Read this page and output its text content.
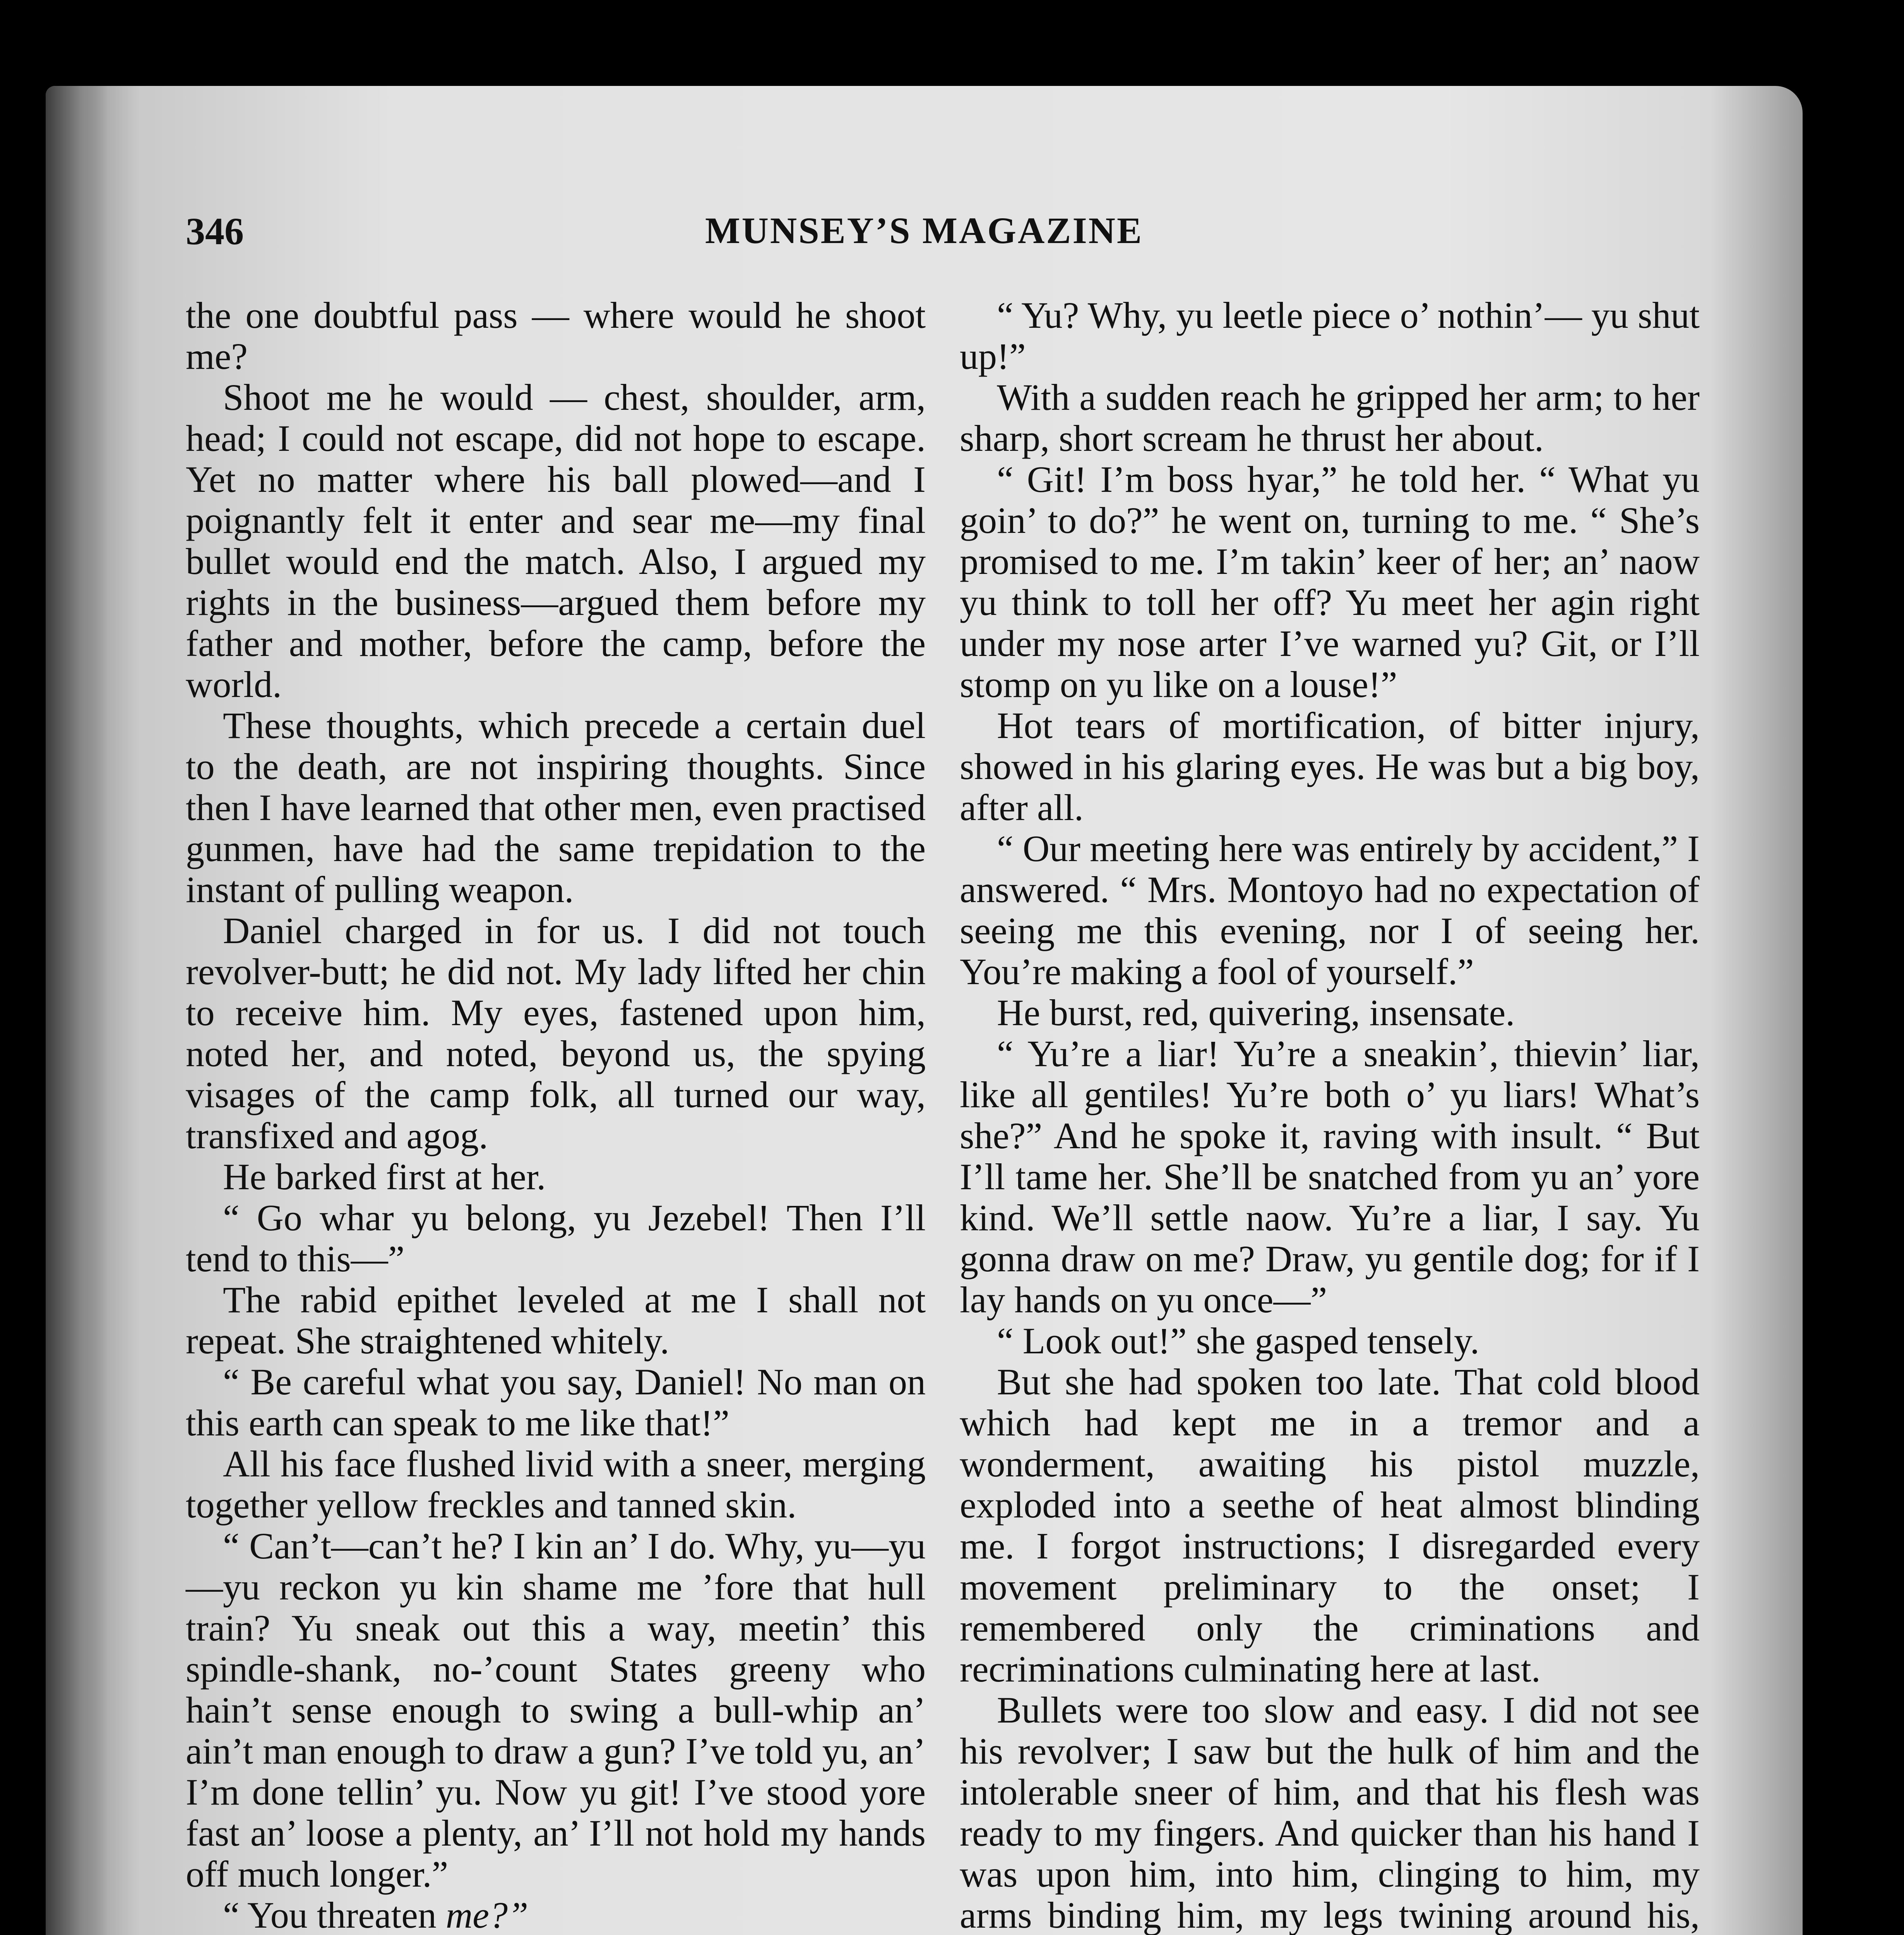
346	MUNSEY’S MAGAZINE

the one doubtful pass — where would he shoot me?

Shoot me he would — chest, shoulder, arm, head; I could not escape, did not hope to escape. Yet no matter where his ball plowed—and I poignantly felt it enter and sear me—my final bullet would end the match. Also, I argued my rights in the business—argued them before my father and mother, before the camp, before the world.

These thoughts, which precede a certain duel to the death, are not inspiring thoughts. Since then I have learned that other men, even practised gunmen, have had the same trepidation to the instant of pulling weapon.

Daniel charged in for us. I did not touch revolver-butt; he did not. My lady lifted her chin to receive him. My eyes, fastened upon him, noted her, and noted, beyond us, the spying visages of the camp folk, all turned our way, transfixed and agog.

He barked first at her.

“ Go whar yu belong, yu Jezebel! Then I’ll tend to this—”

The rabid epithet leveled at me I shall not repeat. She straightened whitely.

“ Be careful what you say, Daniel! No man on this earth can speak to me like that!”

All his face flushed livid with a sneer, merging together yellow freckles and tanned skin.

“ Can’t—can’t he? I kin an’ I do. Why, yu—yu—yu reckon yu kin shame me ’fore that hull train? Yu sneak out this a way, meetin’ this spindle-shank, no-’count States greeny who hain’t sense enough to swing a bull-whip an’ ain’t man enough to draw a gun? I’ve told yu, an’ I’m done tellin’ yu. Now yu git! I’ve stood yore fast an’ loose a plenty, an’ I’ll not hold my hands off much longer.”

“ You threaten me?”

“ Yu? Why, yu leetle piece o’ nothin’— yu shut up!”

With a sudden reach he gripped her arm; to her sharp, short scream he thrust her about.

“ Git! I’m boss hyar,” he told her. “ What yu goin’ to do?” he went on, turning to me. “ She’s promised to me. I’m takin’ keer of her; an’ naow yu think to toll her off? Yu meet her agin right under my nose arter I’ve warned yu? Git, or I’ll stomp on yu like on a louse!”

Hot tears of mortification, of bitter injury, showed in his glaring eyes. He was but a big boy, after all.

“ Our meeting here was entirely by accident,” I answered. “ Mrs. Montoyo had no expectation of seeing me this evening, nor I of seeing her. You’re making a fool of yourself.”

He burst, red, quivering, insensate.

“ Yu’re a liar! Yu’re a sneakin’, thievin’ liar, like all gentiles! Yu’re both o’ yu liars! What’s she?” And he spoke it, raving with insult. “ But I’ll tame her. She’ll be snatched from yu an’ yore kind. We’ll settle naow. Yu’re a liar, I say. Yu gonna draw on me? Draw, yu gentile dog; for if I lay hands on yu once—”

“ Look out!” she gasped tensely.

But she had spoken too late. That cold blood which had kept me in a tremor and a wonderment, awaiting his pistol muzzle, exploded into a seethe of heat almost blinding me. I forgot instructions; I disregarded every movement preliminary to the onset; I remembered only the criminations and recriminations culminating here at last.

Bullets were too slow and easy. I did not see his revolver; I saw but the hulk of him and the intolerable sneer of him, and that his flesh was ready to my fingers. And quicker than his hand I was upon him, into him, clinging to him, my arms binding him, my legs twining around his,
